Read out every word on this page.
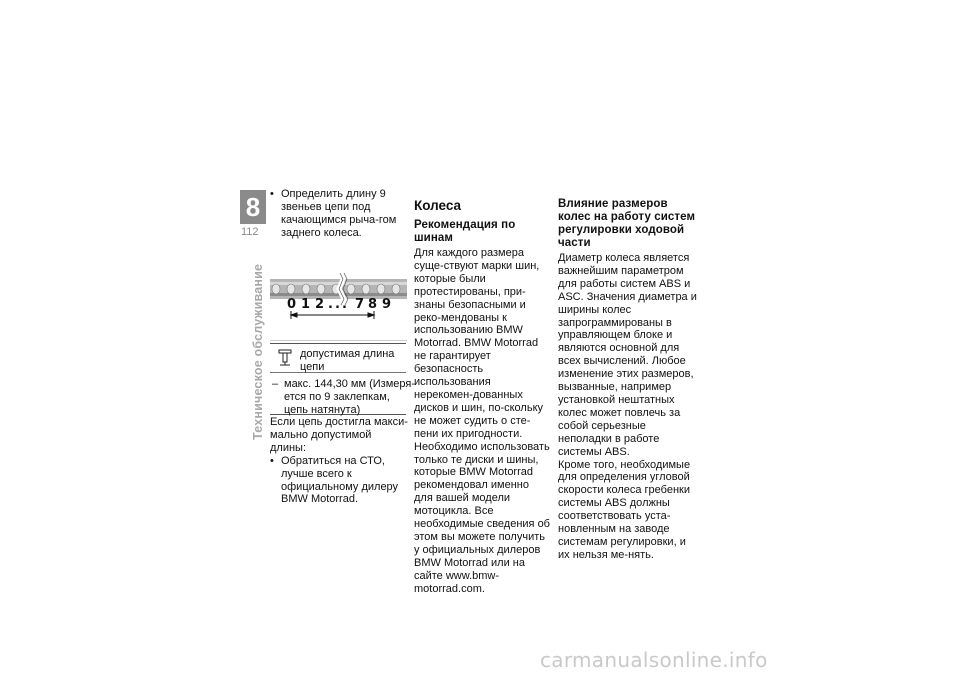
8
112
Техническое обслуживание

• Определить длину 9 звеньев цепи под качающимся рыча-гом заднего колеса.

0 1 2 . . . 7 8 9
допустимая длина цепи
– макс. 144,30 мм (Измеря-ется по 9 заклепкам, цепь натянута)

Если цепь достигла макси-мально допустимой длины:

• Обратиться на СТО, лучше всего к официальному дилеру BMW Motorrad.

Колеса
Рекомендация по шинам

Для каждого размера суще-ствуют марки шин, которые были протестированы, при-знаны безопасными и реко-мендованы к использованию BMW Motorrad. BMW Motorrad не гарантирует безопасность использования нерекомен-дованных дисков и шин, по-скольку не может судить о сте-пени их пригодности. Необходимо использовать только те диски и шины, которые BMW Motorrad рекомендовал именно для вашей модели мотоцикла. Все необходимые сведения об этом вы можете получить у официальных дилеров BMW Motorrad или на сайте www.bmw-motorrad.com.

Влияние размеров колес на работу систем регулировки ходовой части

Диаметр колеса является важнейшим параметром для работы систем ABS и ASC. Значения диаметра и ширины колес запрограммированы в управляющем блоке и являются основной для всех вычислений. Любое изменение этих размеров, вызванные, например установкой нештатных колес может повлечь за собой серьезные неполадки в работе системы ABS.

Кроме того, необходимые для определения угловой скорости колеса гребенки системы ABS должны соответствовать уста-новленным на заводе системам регулировки, и их нельзя ме-нять.

carmanualsonline.info
